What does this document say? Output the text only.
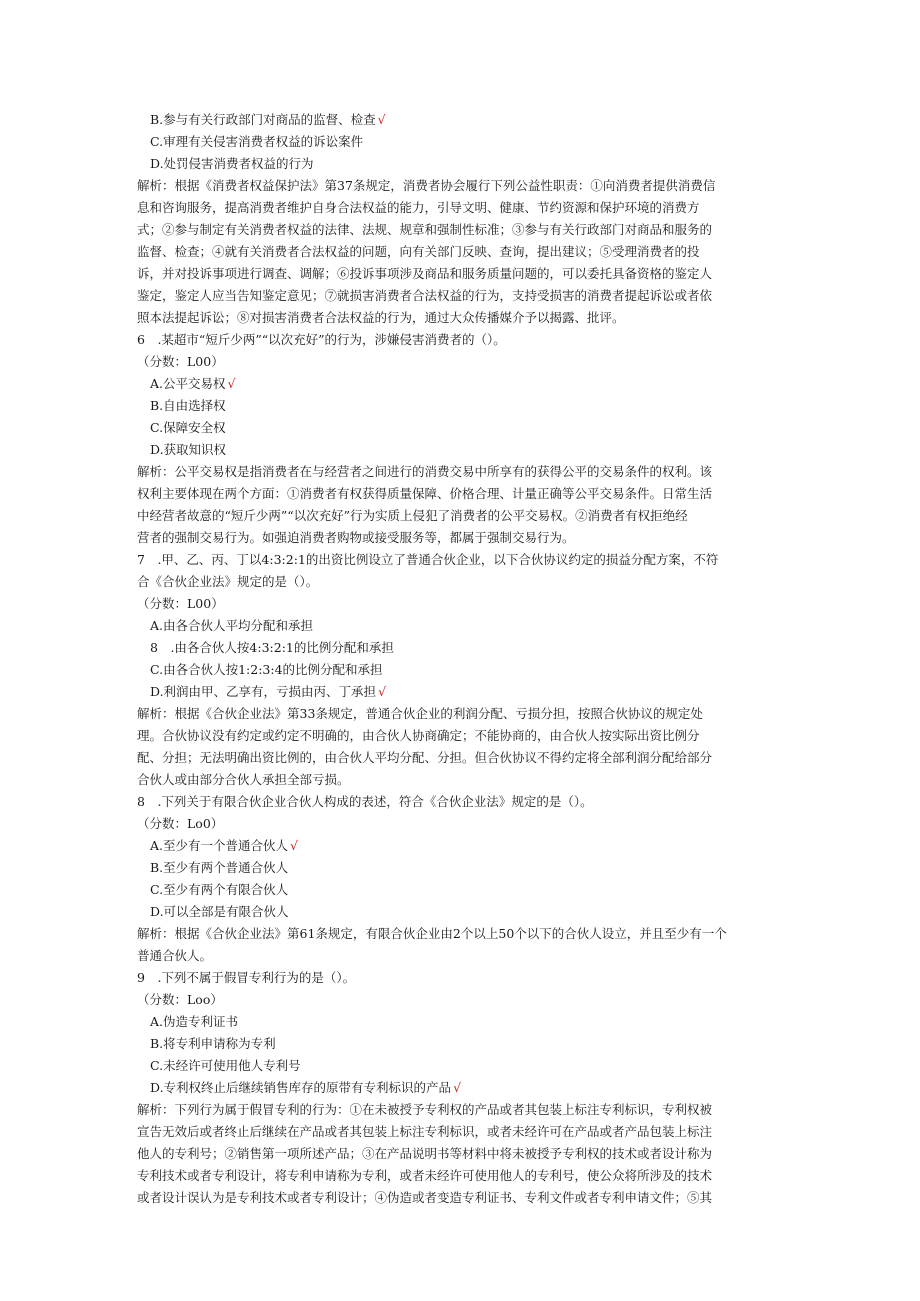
B.参与有关行政部门对商品的监督、检查 √
C.审理有关侵害消费者权益的诉讼案件
D.处罚侵害消费者权益的行为
解析：根据《消费者权益保护法》第37条规定，消费者协会履行下列公益性职责：①向消费者提供消费信
息和咨询服务，提高消费者维护自身合法权益的能力，引导文明、健康、节约资源和保护环境的消费方
式；②参与制定有关消费者权益的法律、法规、规章和强制性标准；③参与有关行政部门对商品和服务的
监督、检查；④就有关消费者合法权益的问题，向有关部门反映、查询，提出建议；⑤受理消费者的投
诉，并对投诉事项进行调查、调解；⑥投诉事项涉及商品和服务质量问题的，可以委托具备资格的鉴定人
鉴定，鉴定人应当告知鉴定意见；⑦就损害消费者合法权益的行为，支持受损害的消费者提起诉讼或者依
照本法提起诉讼；⑧对损害消费者合法权益的行为，通过大众传播媒介予以揭露、批评。
6　.某超市“短斤少两”“以次充好”的行为，涉嫌侵害消费者的（）。
（分数：L00）
A.公平交易权 √
B.自由选择权
C.保障安全权
D.获取知识权
解析：公平交易权是指消费者在与经营者之间进行的消费交易中所享有的获得公平的交易条件的权利。该
权利主要体现在两个方面：①消费者有权获得质量保障、价格合理、计量正确等公平交易条件。日常生活
中经营者故意的“短斤少两”“以次充好”行为实质上侵犯了消费者的公平交易权。②消费者有权拒绝经
营者的强制交易行为。如强迫消费者购物或接受服务等，都属于强制交易行为。
7　.甲、乙、丙、丁以4:3:2:1的出资比例设立了普通合伙企业，以下合伙协议约定的损益分配方案，不符
合《合伙企业法》规定的是（）。
（分数：L00）
A.由各合伙人平均分配和承担
8　.由各合伙人按4:3:2:1的比例分配和承担
C.由各合伙人按1:2:3:4的比例分配和承担
D.利润由甲、乙享有，亏损由丙、丁承担 √
解析：根据《合伙企业法》第33条规定，普通合伙企业的利润分配、亏损分担，按照合伙协议的规定处
理。合伙协议没有约定或约定不明确的，由合伙人协商确定；不能协商的，由合伙人按实际出资比例分
配、分担；无法明确出资比例的，由合伙人平均分配、分担。但合伙协议不得约定将全部利润分配给部分
合伙人或由部分合伙人承担全部亏损。
8　.下列关于有限合伙企业合伙人构成的表述，符合《合伙企业法》规定的是（）。
（分数：Lo0）
A.至少有一个普通合伙人 √
B.至少有两个普通合伙人
C.至少有两个有限合伙人
D.可以全部是有限合伙人
解析：根据《合伙企业法》第61条规定，有限合伙企业由2个以上50个以下的合伙人设立，并且至少有一个
普通合伙人。
9　.下列不属于假冒专利行为的是（）。
（分数：Loo）
A.伪造专利证书
B.将专利申请称为专利
C.未经许可使用他人专利号
D.专利权终止后继续销售库存的原带有专利标识的产品 √
解析：下列行为属于假冒专利的行为：①在未被授予专利权的产品或者其包装上标注专利标识，专利权被
宣告无效后或者终止后继续在产品或者其包装上标注专利标识，或者未经许可在产品或者产品包装上标注
他人的专利号；②销售第一项所述产品；③在产品说明书等材料中将未被授予专利权的技术或者设计称为
专利技术或者专利设计，将专利申请称为专利，或者未经许可使用他人的专利号，使公众将所涉及的技术
或者设计误认为是专利技术或者专利设计；④伪造或者变造专利证书、专利文件或者专利申请文件；⑤其
